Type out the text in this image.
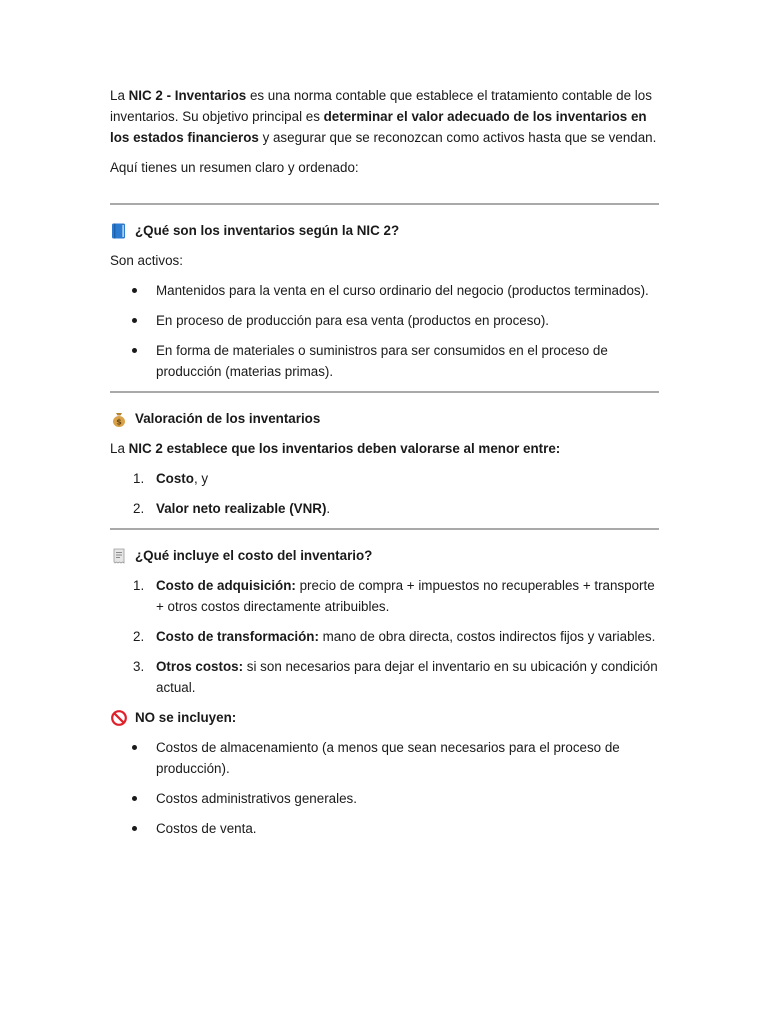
La NIC 2 - Inventarios es una norma contable que establece el tratamiento contable de los inventarios. Su objetivo principal es determinar el valor adecuado de los inventarios en los estados financieros y asegurar que se reconozcan como activos hasta que se vendan.

Aquí tienes un resumen claro y ordenado:

¿Qué son los inventarios según la NIC 2?

Son activos:

Mantenidos para la venta en el curso ordinario del negocio (productos terminados).
En proceso de producción para esa venta (productos en proceso).
En forma de materiales o suministros para ser consumidos en el proceso de producción (materias primas).
$ Valoración de los inventarios

La NIC 2 establece que los inventarios deben valorarse al menor entre:

1. Costo, y
2. Valor neto realizable (VNR).
¿Qué incluye el costo del inventario?
1. Costo de adquisición: precio de compra + impuestos no recuperables + transporte + otros costos directamente atribuibles.
2. Costo de transformación: mano de obra directa, costos indirectos fijos y variables.
3. Otros costos: si son necesarios para dejar el inventario en su ubicación y condición actual.
NO se incluyen:
Costos de almacenamiento (a menos que sean necesarios para el proceso de producción).
Costos administrativos generales.
Costos de venta.
